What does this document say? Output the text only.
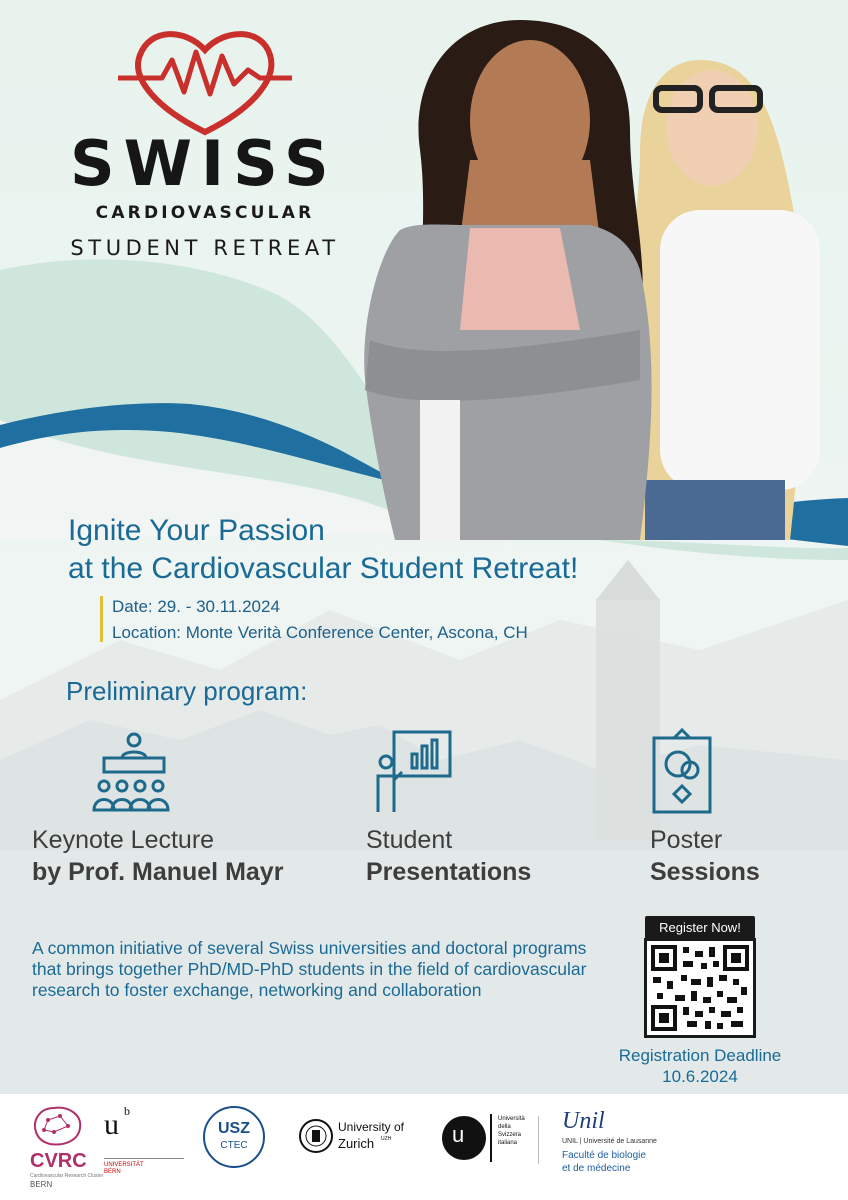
SWISS
CARDIOVASCULAR
STUDENT RETREAT
Ignite Your Passion
at the Cardiovascular Student Retreat!
Date: 29. - 30.11.2024
Location: Monte Verità Conference Center, Ascona, CH
Preliminary program:
Keynote Lecture
by Prof. Manuel Mayr
Student
Presentations
Poster
Sessions
A common initiative of several Swiss universities and doctoral programs that brings together PhD/MD-PhD students in the field of cardiovascular research to foster exchange, networking and collaboration
Register Now!
Registration Deadline
10.6.2024
CVRC
Cardiovascular Research Cluster
BERN
u b
UNIVERSITÄT
BERN
USZ
CTEC
University of
Zurich UZH	u
Università
della
Svizzera
italiana
Unil
UNIL | Université de Lausanne
Faculté de biologie
et de médecine
